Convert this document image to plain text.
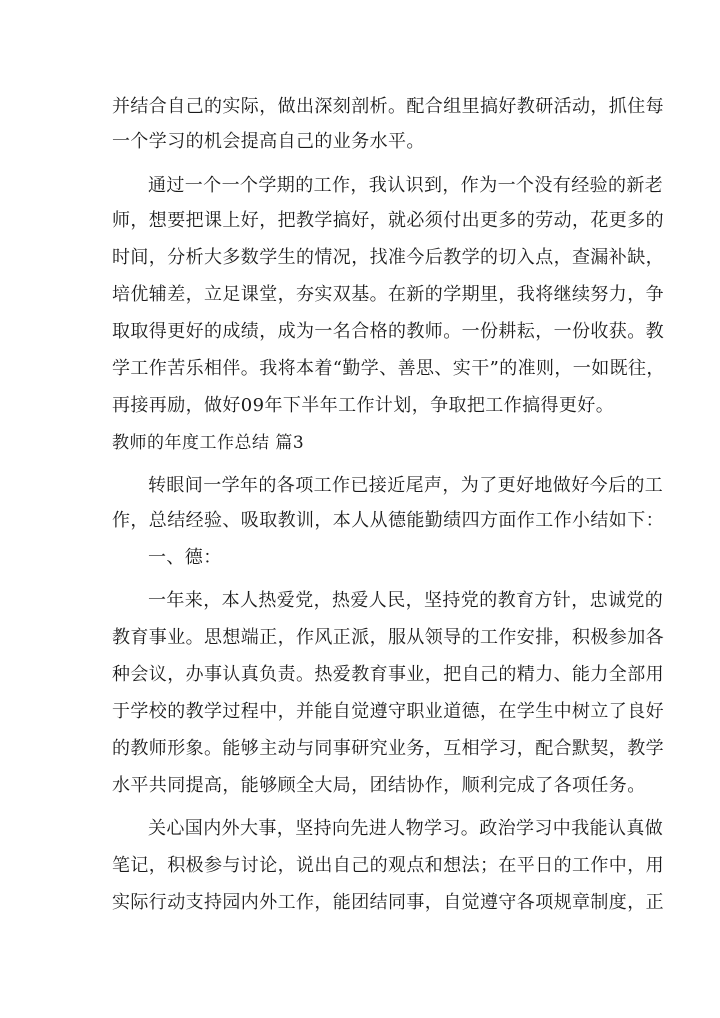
并结合自己的实际，做出深刻剖析。配合组里搞好教研活动，抓住每
一个学习的机会提高自己的业务水平。
通过一个一个学期的工作，我认识到，作为一个没有经验的新老
师，想要把课上好，把教学搞好，就必须付出更多的劳动，花更多的
时间，分析大多数学生的情况，找准今后教学的切入点，查漏补缺，
培优辅差，立足课堂，夯实双基。在新的学期里，我将继续努力，争
取取得更好的成绩，成为一名合格的教师。一份耕耘，一份收获。教
学工作苦乐相伴。我将本着“勤学、善思、实干”的准则，一如既往，
再接再励，做好09年下半年工作计划，争取把工作搞得更好。
教师的年度工作总结 篇3
转眼间一学年的各项工作已接近尾声，为了更好地做好今后的工
作，总结经验、吸取教训，本人从德能勤绩四方面作工作小结如下：
一、德：
一年来，本人热爱党，热爱人民，坚持党的教育方针，忠诚党的
教育事业。思想端正，作风正派，服从领导的工作安排，积极参加各
种会议，办事认真负责。热爱教育事业，把自己的精力、能力全部用
于学校的教学过程中，并能自觉遵守职业道德，在学生中树立了良好
的教师形象。能够主动与同事研究业务，互相学习，配合默契，教学
水平共同提高，能够顾全大局，团结协作，顺利完成了各项任务。
关心国内外大事，坚持向先进人物学习。政治学习中我能认真做
笔记，积极参与讨论，说出自己的观点和想法；在平日的工作中，用
实际行动支持园内外工作，能团结同事，自觉遵守各项规章制度，正
